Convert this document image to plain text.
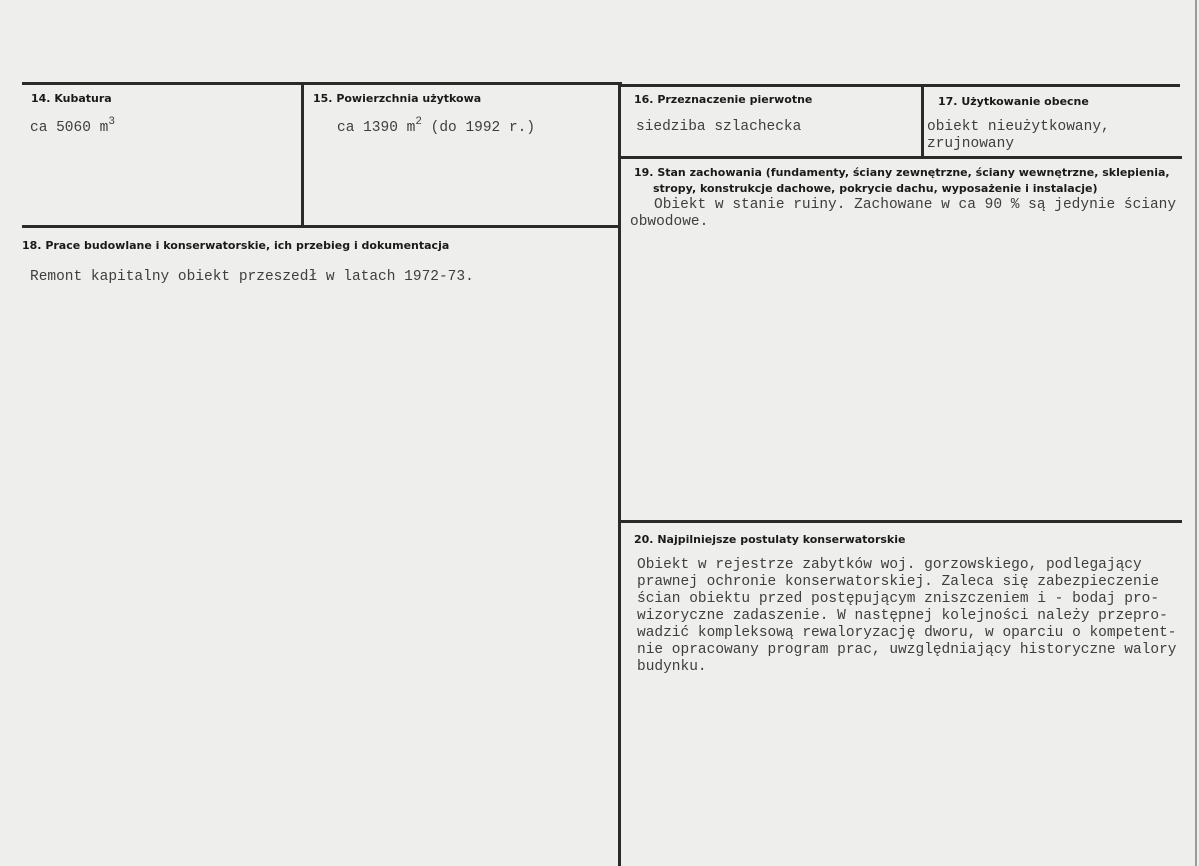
14. Kubatura
ca 5060 $m^3$
15. Powierzchnia użytkowa
ca 1390 $m^2$ (do 1992 r.)
16. Przeznaczenie pierwotne
siedziba szlachecka
17. Użytkowanie obecne
obiekt nieużytkowany,
zrujnowany
18. Prace budowlane i konserwatorskie, ich przebieg i dokumentacja
Remont kapitalny obiekt przeszedł w latach 1972-73.
19. Stan zachowania (fundamenty, ściany zewnętrzne, ściany wewnętrzne, sklepienia,
stropy, konstrukcje dachowe, pokrycie dachu, wyposażenie i instalacje)
Obiekt w stanie ruiny. Zachowane w ca 90 % są jedynie ściany
obwodowe.
20. Najpilniejsze postulaty konserwatorskie
Obiekt w rejestrze zabytków woj. gorzowskiego, podlegający
prawnej ochronie konserwatorskiej. Zaleca się zabezpieczenie
ścian obiektu przed postępującym zniszczeniem i - bodaj pro-
wizoryczne zadaszenie. W następnej kolejności należy przepro-
wadzić kompleksową rewaloryzację dworu, w oparciu o kompetent-
nie opracowany program prac, uwzględniający historyczne walory
budynku.
